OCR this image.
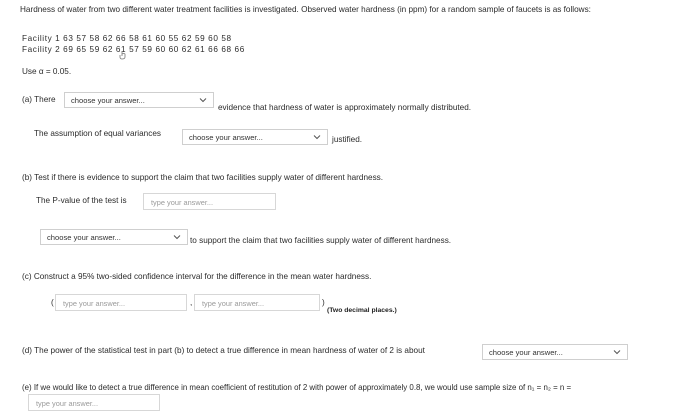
Hardness of water from two different water treatment facilities is investigated. Observed water hardness (in ppm) for a random sample of faucets is as follows:
Facility 1 63 57 58 62 66 58 61 60 55 62 59 60 58
Facility 2 69 65 59 62 61 57 59 60 60 62 61 66 68 66
Use α = 0.05.
(a) There	choose your answer...
evidence that hardness of water is approximately normally distributed.
The assumption of equal variances	choose your answer...	justified.
(b) Test if there is evidence to support the claim that two facilities supply water of different hardness.
The P-value of the test is	type your answer...
choose your answer...	to support the claim that two facilities supply water of different hardness.
(c) Construct a 95% two-sided confidence interval for the difference in the mean water hardness.
(	type your answer...	,	type your answer...	)
(Two decimal places.)
(d) The power of the statistical test in part (b) to detect a true difference in mean hardness of water of 2 is about	choose your answer...
(e) If we would like to detect a true difference in mean coefficient of restitution of 2 with power of approximately 0.8, we would use sample size of n₁ = n₂ = n =
type your answer...
